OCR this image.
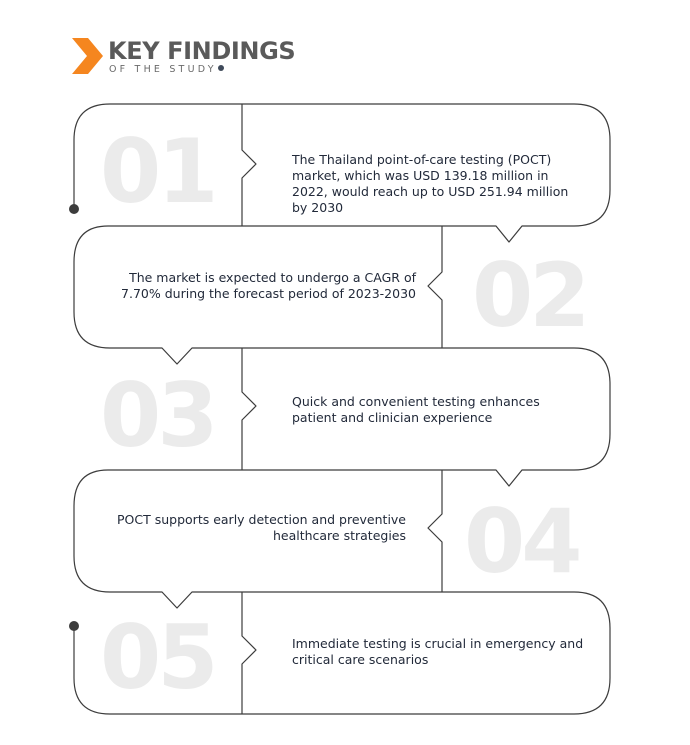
KEY FINDINGS
OF THE STUDY
01
02
03
04
05
The Thailand point-of-care testing (POCT) market, which was USD 139.18 million in 2022, would reach up to USD 251.94 million by 2030
The market is expected to undergo a CAGR of 7.70% during the forecast period of 2023-2030
Quick and convenient testing enhances patient and clinician experience
POCT supports early detection and preventive healthcare strategies
Immediate testing is crucial in emergency and critical care scenarios
